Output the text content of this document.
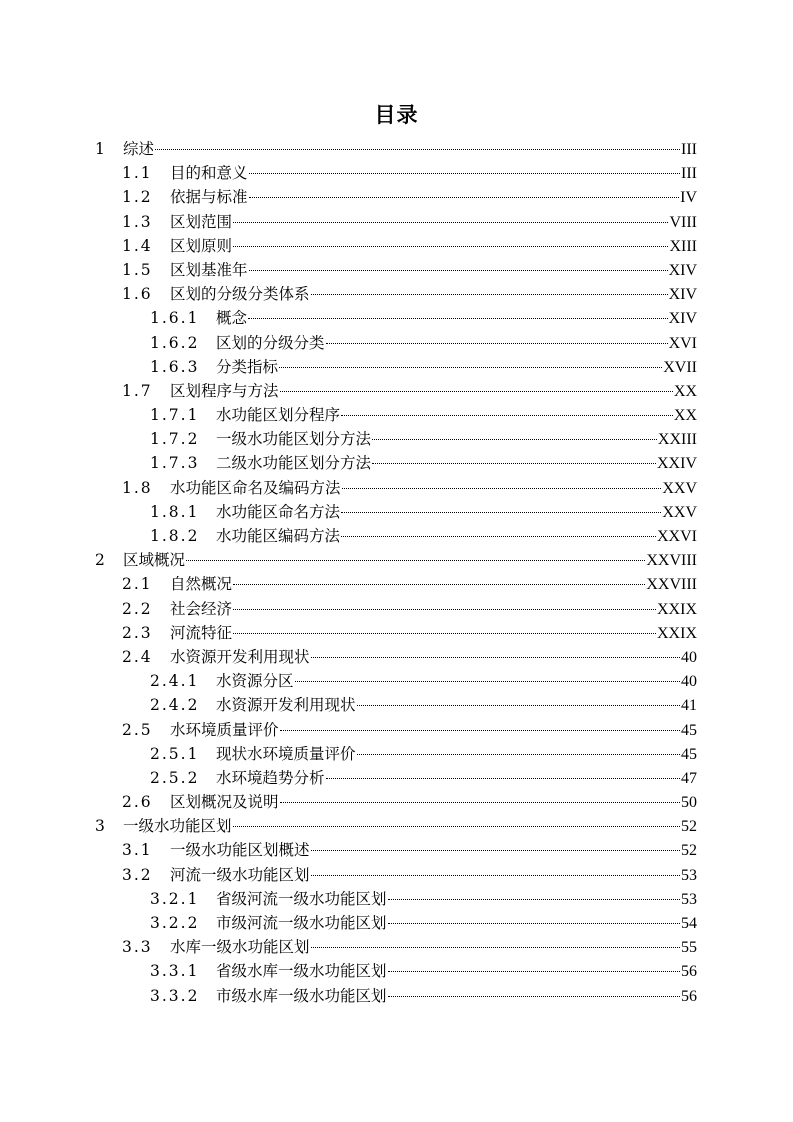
目录
1	综述	III
1.1	目的和意义	III
1.2	依据与标准	IV
1.3	区划范围	VIII
1.4	区划原则	XIII
1.5	区划基准年	XIV
1.6	区划的分级分类体系	XIV
1.6.1	概念	XIV
1.6.2	区划的分级分类	XVI
1.6.3	分类指标	XVII
1.7	区划程序与方法	XX
1.7.1	水功能区划分程序	XX
1.7.2	一级水功能区划分方法	XXIII
1.7.3	二级水功能区划分方法	XXIV
1.8	水功能区命名及编码方法	XXV
1.8.1	水功能区命名方法	XXV
1.8.2	水功能区编码方法	XXVI
2	区域概况	XXVIII
2.1	自然概况	XXVIII
2.2	社会经济	XXIX
2.3	河流特征	XXIX
2.4	水资源开发利用现状	40
2.4.1	水资源分区	40
2.4.2	水资源开发利用现状	41
2.5	水环境质量评价	45
2.5.1	现状水环境质量评价	45
2.5.2	水环境趋势分析	47
2.6	区划概况及说明	50
3	一级水功能区划	52
3.1	一级水功能区划概述	52
3.2	河流一级水功能区划	53
3.2.1	省级河流一级水功能区划	53
3.2.2	市级河流一级水功能区划	54
3.3	水库一级水功能区划	55
3.3.1	省级水库一级水功能区划	56
3.3.2	市级水库一级水功能区划	56
